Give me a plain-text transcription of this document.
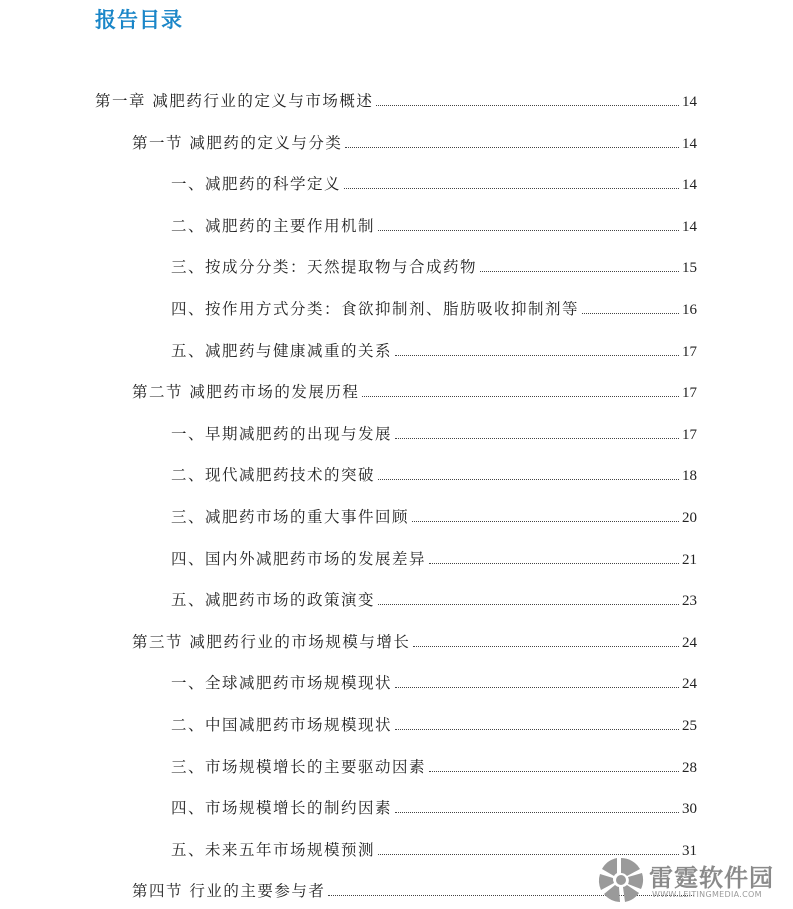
报告目录
第一章 减肥药行业的定义与市场概述	14
第一节 减肥药的定义与分类	14
一、减肥药的科学定义	14
二、减肥药的主要作用机制	14
三、按成分分类：天然提取物与合成药物	15
四、按作用方式分类：食欲抑制剂、脂肪吸收抑制剂等	16
五、减肥药与健康减重的关系	17
第二节 减肥药市场的发展历程	17
一、早期减肥药的出现与发展	17
二、现代减肥药技术的突破	18
三、减肥药市场的重大事件回顾	20
四、国内外减肥药市场的发展差异	21
五、减肥药市场的政策演变	23
第三节 减肥药行业的市场规模与增长	24
一、全球减肥药市场规模现状	24
二、中国减肥药市场规模现状	25
三、市场规模增长的主要驱动因素	28
四、市场规模增长的制约因素	30
五、未来五年市场规模预测	31
第四节 行业的主要参与者	雷霆软件园
WWW.LEITINGMEDIA.COM
